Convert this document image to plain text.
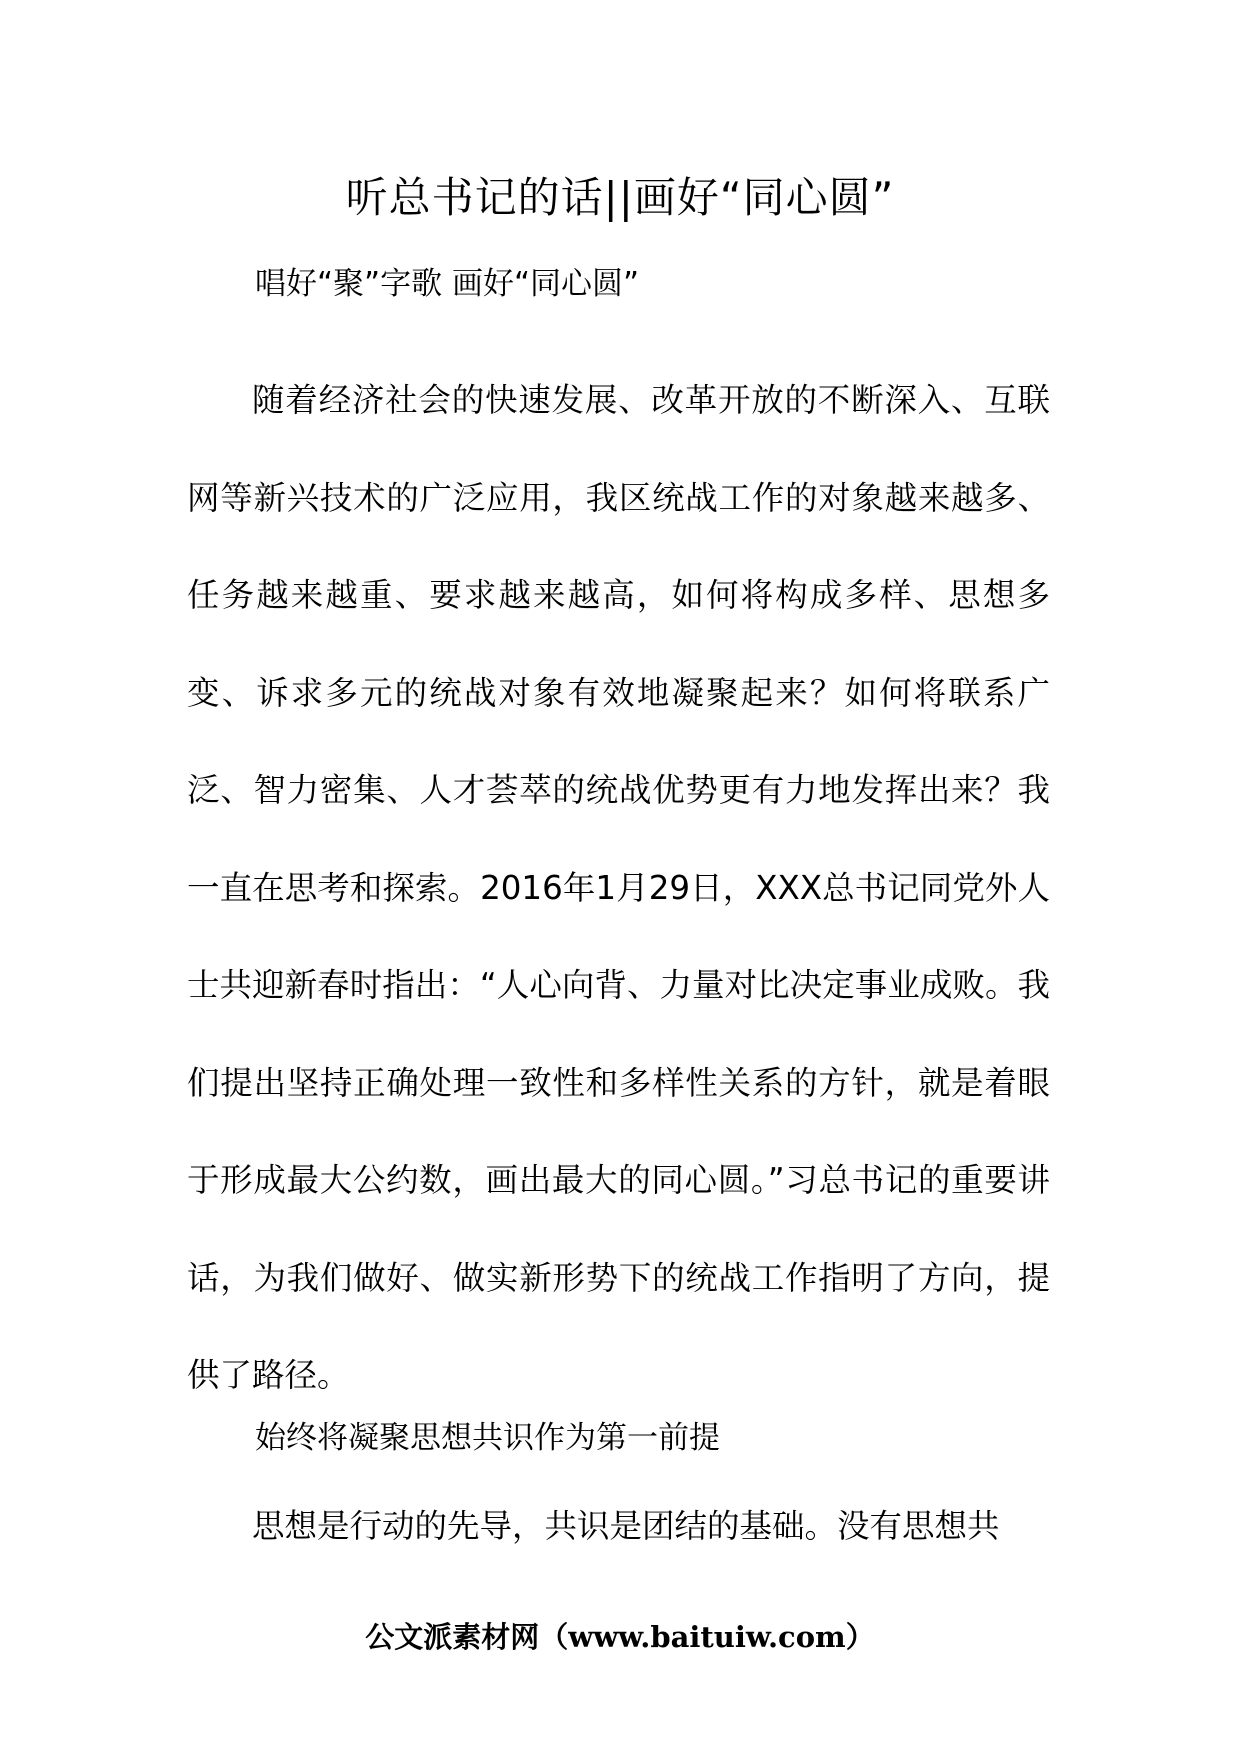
听总书记的话||画好“同心圆”
唱好“聚”字歌 画好“同心圆”

随着经济社会的快速发展、改革开放的不断深入、互联网等新兴技术的广泛应用，我区统战工作的对象越来越多、任务越来越重、要求越来越高，如何将构成多样、思想多变、诉求多元的统战对象有效地凝聚起来？如何将联系广泛、智力密集、人才荟萃的统战优势更有力地发挥出来？我一直在思考和探索。2016年1月29日，XXX总书记同党外人士共迎新春时指出：“人心向背、力量对比决定事业成败。我们提出坚持正确处理一致性和多样性关系的方针，就是着眼于形成最大公约数，画出最大的同心圆。”习总书记的重要讲话，为我们做好、做实新形势下的统战工作指明了方向，提供了路径。

始终将凝聚思想共识作为第一前提

思想是行动的先导，共识是团结的基础。没有思想共

公文派素材网（www.baituiw.com）
